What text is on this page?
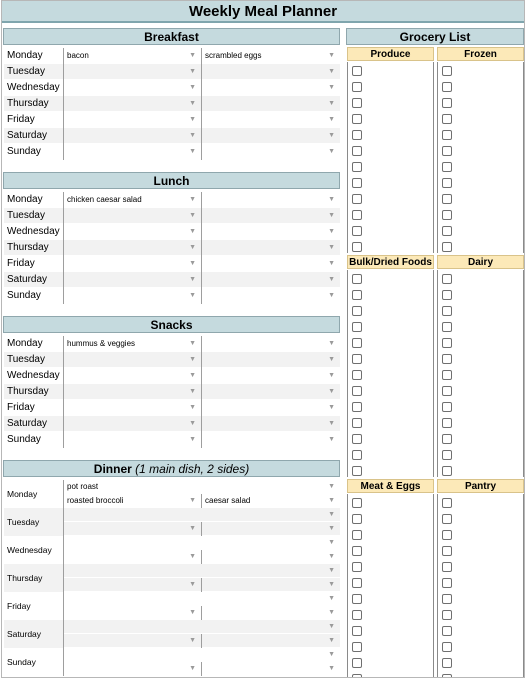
Weekly Meal Planner
Breakfast
Monday	bacon	▼	scrambled eggs	▼
Tuesday	▼	▼
Wednesday	▼	▼
Thursday	▼	▼
Friday	▼	▼
Saturday	▼	▼
Sunday	▼	▼
Lunch
Monday	chicken caesar salad	▼	▼
Tuesday	▼	▼
Wednesday	▼	▼
Thursday	▼	▼
Friday	▼	▼
Saturday	▼	▼
Sunday	▼	▼
Snacks
Monday	hummus & veggies	▼	▼
Tuesday	▼	▼
Wednesday	▼	▼
Thursday	▼	▼
Friday	▼	▼
Saturday	▼	▼
Sunday	▼	▼
Dinner
(1 main dish, 2 sides)
Monday
pot roast	▼
roasted broccoli	▼	caesar salad	▼
Tuesday
▼
▼	▼
Wednesday
▼
▼	▼
Thursday
▼
▼	▼
Friday
▼
▼	▼
Saturday
▼
▼	▼
Sunday
▼
▼	▼
Grocery List
Produce	Frozen
Bulk/Dried Foods	Dairy
Meat & Eggs	Pantry
